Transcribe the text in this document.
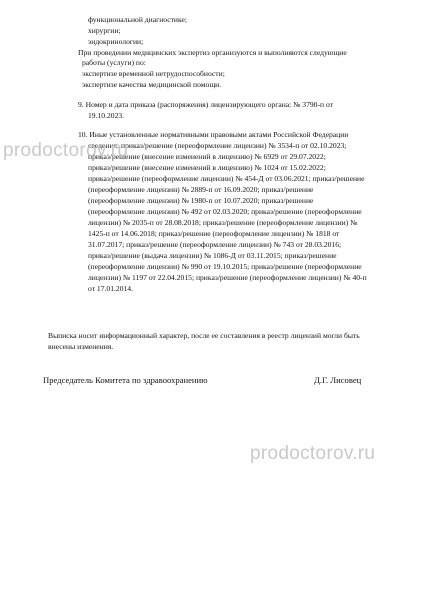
функциональной диагностике;
хирургии;
эндокринологии;
При проведении медицинских экспертиз организуются и выполняются следующие
работы (услуги) по:
экспертизе временной нетрудоспособности;
экспертизе качества медицинской помощи.
9. Номер и дата приказа (распоряжения) лицензирующего органа: № 3790-п от
19.10.2023.
10. Иные установленные нормативными правовыми актами Российской Федерации
сведения: приказ/решение (переоформление лицензии) № 3534-п от 02.10.2023;
приказ/решение (внесение изменений в лицензию) № 6929 от 29.07.2022;
приказ/решение (внесение изменений в лицензию) № 1024 от 15.02.2022;
приказ/решение (переоформление лицензии) № 454-Д от 03.06.2021; приказ/решение
(переоформление лицензии) № 2889-п от 16.09.2020; приказ/решение
(переоформление лицензии) № 1980-п от 10.07.2020; приказ/решение
(переоформление лицензии) № 492 от 02.03.2020; приказ/решение (переоформление
лицензии) № 2035-п от 28.08.2018; приказ/решение (переоформление лицензии) №
1425-п от 14.06.2018; приказ/решение (переоформление лицензии) № 1818 от
31.07.2017; приказ/решение (переоформление лицензии) № 743 от 28.03.2016;
приказ/решение (выдача лицензии) № 1086-Д от 03.11.2015; приказ/решение
(переоформление лицензии) № 990 от 19.10.2015; приказ/решение (переоформление
лицензии) № 1197 от 22.04.2015; приказ/решение (переоформление лицензии) № 40-п
от 17.01.2014.
Выписка носит информационный характер, после ее составления в реестр лицензий могли быть
внесены изменения.
Председатель Комитета по здравоохранению	Д.Г. Лисовец
prodoctorov.ru
prodoctorov.ru
